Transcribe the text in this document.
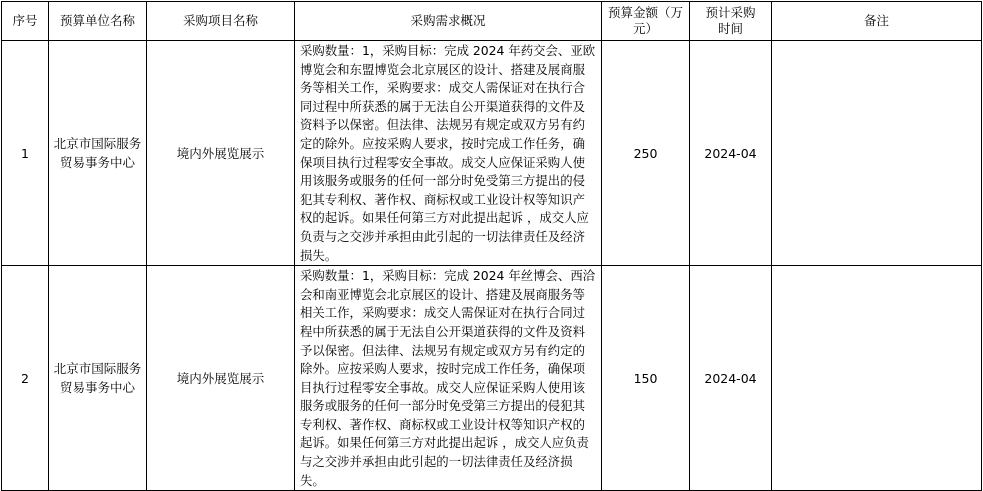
序号	预算单位名称	采购项目名称	采购需求概况	预算金额（万元）	预计采购时间	备注
1	北京市国际服务贸易事务中心	境内外展览展示	采购数量：1，采购目标：完成 2024 年药交会、亚欧博览会和东盟博览会北京展区的设计、搭建及展商服务等相关工作，采购要求：成交人需保证对在执行合同过程中所获悉的属于无法自公开渠道获得的文件及资料予以保密。但法律、法规另有规定或双方另有约定的除外。应按采购人要求，按时完成工作任务，确保项目执行过程零安全事故。成交人应保证采购人使用该服务或服务的任何一部分时免受第三方提出的侵犯其专利权、著作权、商标权或工业设计权等知识产权的起诉。如果任何第三方对此提出起诉 ，成交人应负责与之交涉并承担由此引起的一切法律责任及经济损失。	250	2024-04	
2	北京市国际服务贸易事务中心	境内外展览展示	采购数量：1，采购目标：完成 2024 年丝博会、西洽会和南亚博览会北京展区的设计、搭建及展商服务等相关工作，采购要求：成交人需保证对在执行合同过程中所获悉的属于无法自公开渠道获得的文件及资料予以保密。但法律、法规另有规定或双方另有约定的除外。应按采购人要求，按时完成工作任务，确保项目执行过程零安全事故。成交人应保证采购人使用该服务或服务的任何一部分时免受第三方提出的侵犯其专利权、著作权、商标权或工业设计权等知识产权的起诉。如果任何第三方对此提出起诉 ，成交人应负责与之交涉并承担由此引起的一切法律责任及经济损失。	150	2024-04	
